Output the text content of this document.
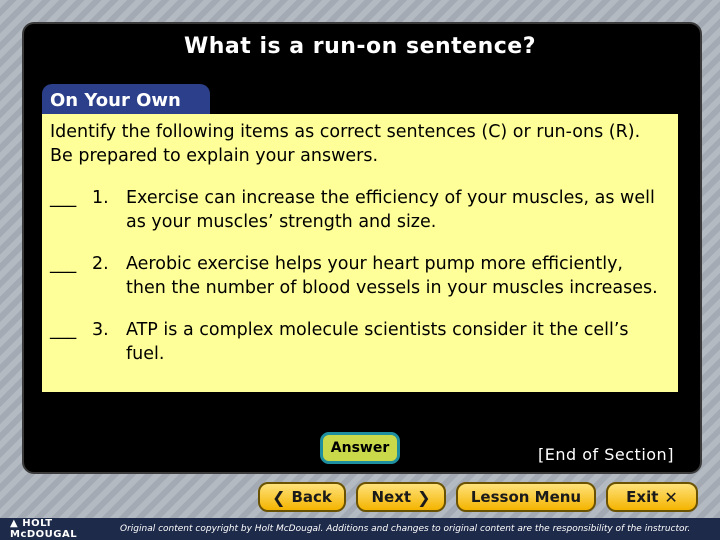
What is a run-on sentence?
On Your Own

Identify the following items as correct sentences (C) or run-ons (R). Be prepared to explain your answers.

___ 1. Exercise can increase the efficiency of your muscles, as well as your muscles’ strength and size.
___ 2. Aerobic exercise helps your heart pump more efficiently, then the number of blood vessels in your muscles increases.
___ 3. ATP is a complex molecule scientists consider it the cell’s fuel.
Answer	[End of Section]
❮ Back	Next ❯	Lesson Menu	Exit ✕
▲ HOLT McDOUGAL	Original content copyright by Holt McDougal. Additions and changes to original content are the responsibility of the instructor.
